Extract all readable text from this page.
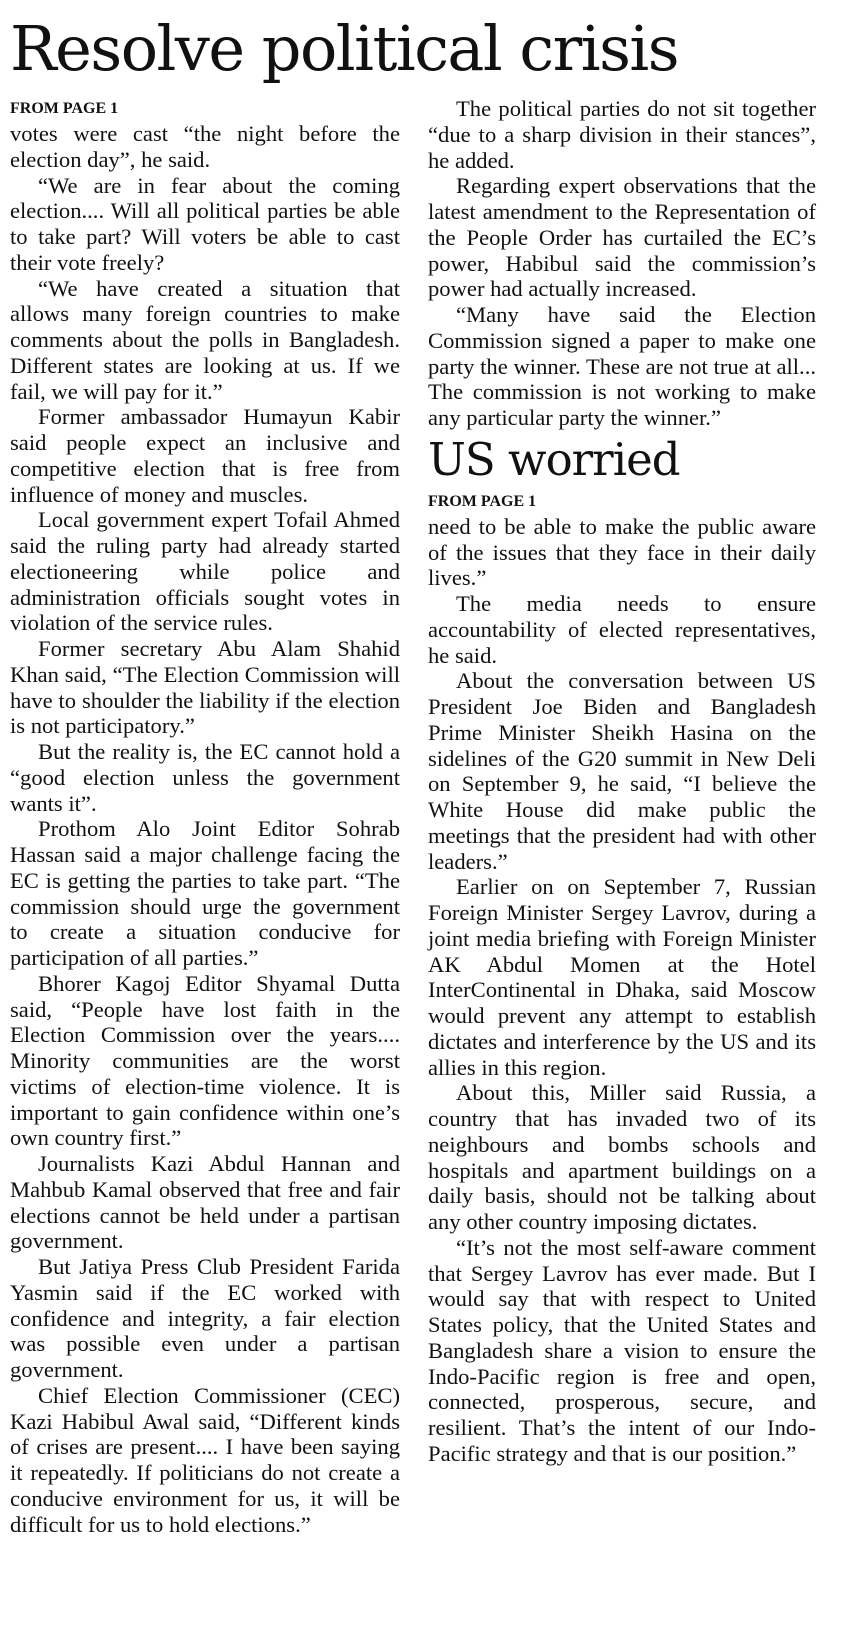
Resolve political crisis
FROM PAGE 1

votes were cast “the night before the election day”, he said.

“We are in fear about the coming election.... Will all political parties be able to take part? Will voters be able to cast their vote freely?

“We have created a situation that allows many foreign countries to make comments about the polls in Bangladesh. Different states are looking at us. If we fail, we will pay for it.”

Former ambassador Humayun Kabir said people expect an inclusive and competitive election that is free from influence of money and muscles.

Local government expert Tofail Ahmed said the ruling party had already started electioneering while police and administration officials sought votes in violation of the service rules.

Former secretary Abu Alam Shahid Khan said, “The Election Commission will have to shoulder the liability if the election is not participatory.”

But the reality is, the EC cannot hold a “good election unless the government wants it”.

Prothom Alo Joint Editor Sohrab Hassan said a major challenge facing the EC is getting the parties to take part. “The commission should urge the government to create a situation conducive for participation of all parties.”

Bhorer Kagoj Editor Shyamal Dutta said, “People have lost faith in the Election Commission over the years.... Minority communities are the worst victims of election-time violence. It is important to gain confidence within one’s own country first.”

Journalists Kazi Abdul Hannan and Mahbub Kamal observed that free and fair elections cannot be held under a partisan government.

But Jatiya Press Club President Farida Yasmin said if the EC worked with confidence and integrity, a fair election was possible even under a partisan government.

Chief Election Commissioner (CEC) Kazi Habibul Awal said, “Different kinds of crises are present.... I have been saying it repeatedly. If politicians do not create a conducive environment for us, it will be difficult for us to hold elections.”

The political parties do not sit together “due to a sharp division in their stances”, he added.

Regarding expert observations that the latest amendment to the Representation of the People Order has curtailed the EC’s power, Habibul said the commission’s power had actually increased.

“Many have said the Election Commission signed a paper to make one party the winner. These are not true at all... The commission is not working to make any particular party the winner.”

US worried
FROM PAGE 1

need to be able to make the public aware of the issues that they face in their daily lives.”

The media needs to ensure accountability of elected representatives, he said.

About the conversation between US President Joe Biden and Bangladesh Prime Minister Sheikh Hasina on the sidelines of the G20 summit in New Deli on September 9, he said, “I believe the White House did make public the meetings that the president had with other leaders.”

Earlier on on September 7, Russian Foreign Minister Sergey Lavrov, during a joint media briefing with Foreign Minister AK Abdul Momen at the Hotel InterContinental in Dhaka, said Moscow would prevent any attempt to establish dictates and interference by the US and its allies in this region.

About this, Miller said Russia, a country that has invaded two of its neighbours and bombs schools and hospitals and apartment buildings on a daily basis, should not be talking about any other country imposing dictates.

“It’s not the most self-aware comment that Sergey Lavrov has ever made. But I would say that with respect to United States policy, that the United States and Bangladesh share a vision to ensure the Indo-Pacific region is free and open, connected, prosperous, secure, and resilient. That’s the intent of our Indo-Pacific strategy and that is our position.”
